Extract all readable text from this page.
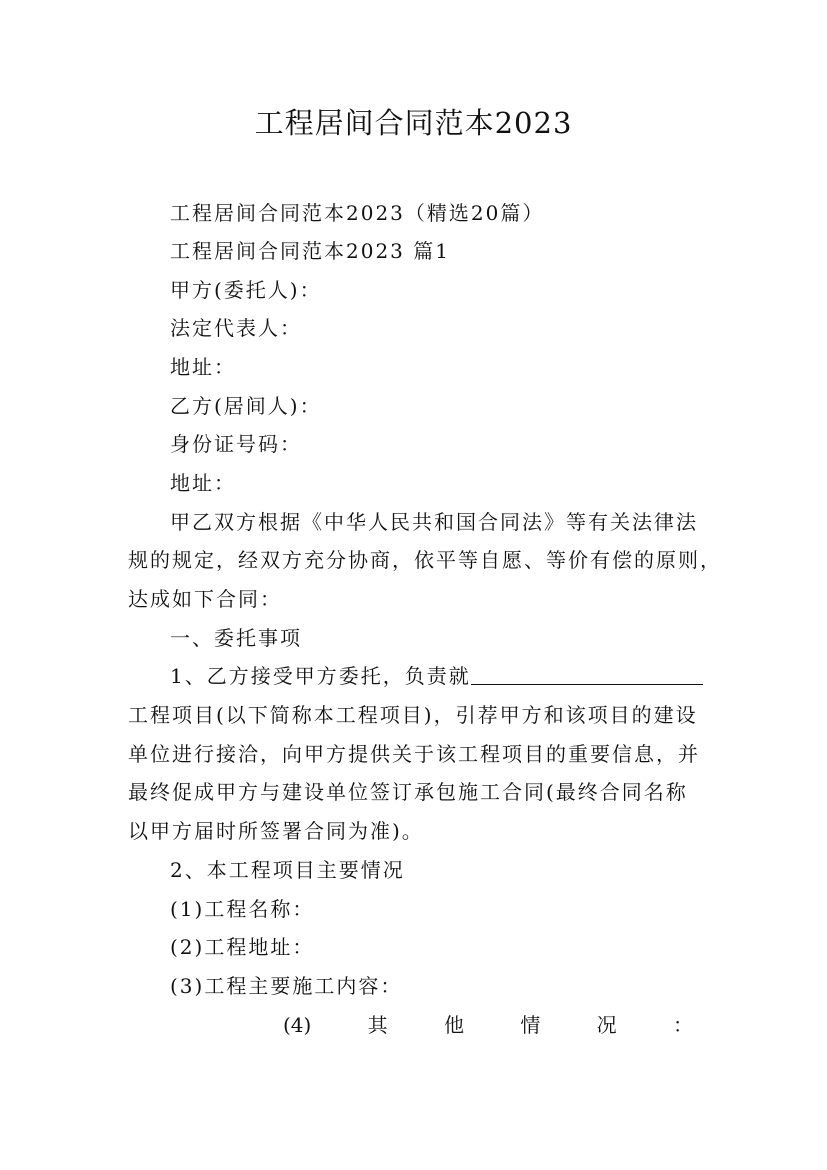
工程居间合同范本2023
工程居间合同范本2023（精选20篇）
工程居间合同范本2023 篇1
甲方(委托人)：
法定代表人：
地址：
乙方(居间人)：
身份证号码：
地址：
甲乙双方根据《中华人民共和国合同法》等有关法律法
规的规定，经双方充分协商，依平等自愿、等价有偿的原则，
达成如下合同：
一、委托事项
1、乙方接受甲方委托，负责就
工程项目(以下简称本工程项目)，引荐甲方和该项目的建设
单位进行接洽，向甲方提供关于该工程项目的重要信息，并
最终促成甲方与建设单位签订承包施工合同(最终合同名称
以甲方届时所签署合同为准)。
2、本工程项目主要情况
(1)工程名称：
(2)工程地址：
(3)工程主要施工内容：
(4)	其	他	情	况	：
